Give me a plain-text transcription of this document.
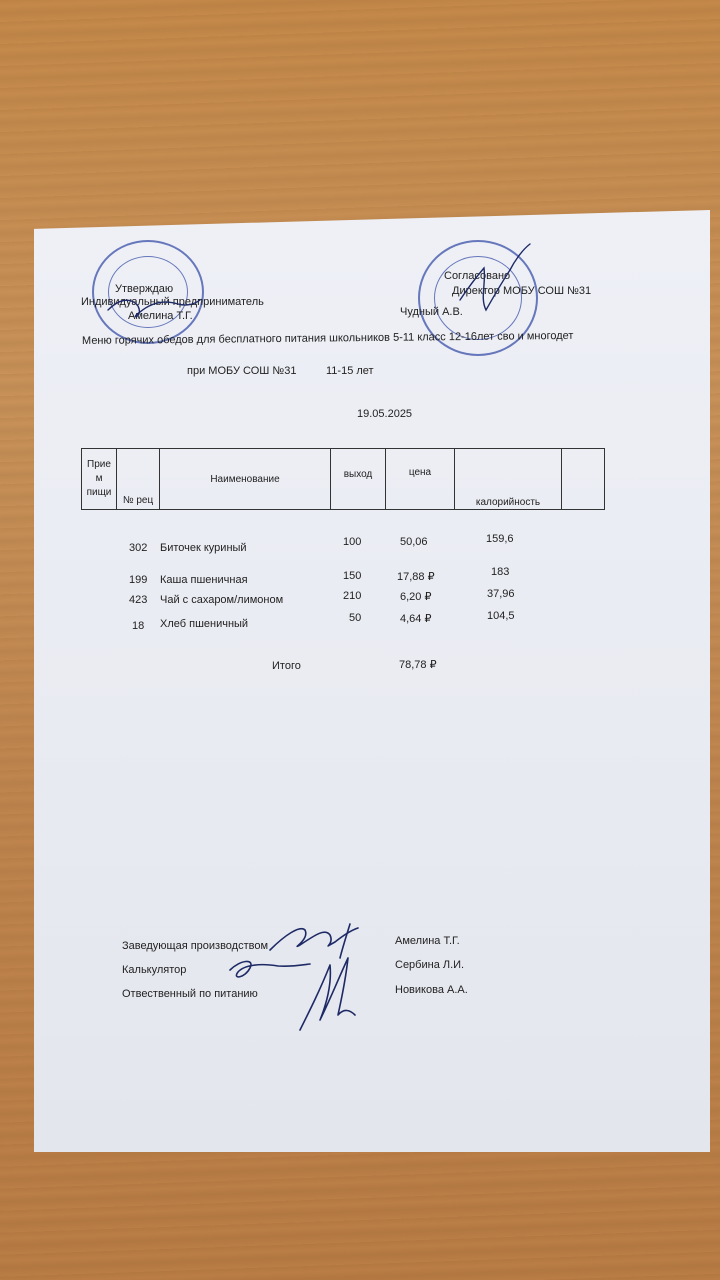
Утверждаю
Индивидуальный предприниматель
Амелина Т.Г.
Согласовано
Директор МОБУ СОШ №31
Чудный А.В.
Меню горячих обедов для бесплатного питания школьников 5-11 класс 12-16лет сво и многодет
при МОБУ СОШ №31	11-15 лет
19.05.2025
Прие
м
пищи	№ рец	Наименование	выход	цена	калорийность	
302 Биточек куриный	100	50,06	159,6
199 Каша пшеничная	150	17,88 ₽	183
423 Чай с сахаром/лимоном	210	6,20 ₽	37,96
18 Хлеб пшеничный	50	4,64 ₽	104,5
Итого	78,78 ₽
Заведующая производством	Амелина Т.Г.
Калькулятор	Сербина Л.И.
Отвественный по питанию	Новикова А.А.
